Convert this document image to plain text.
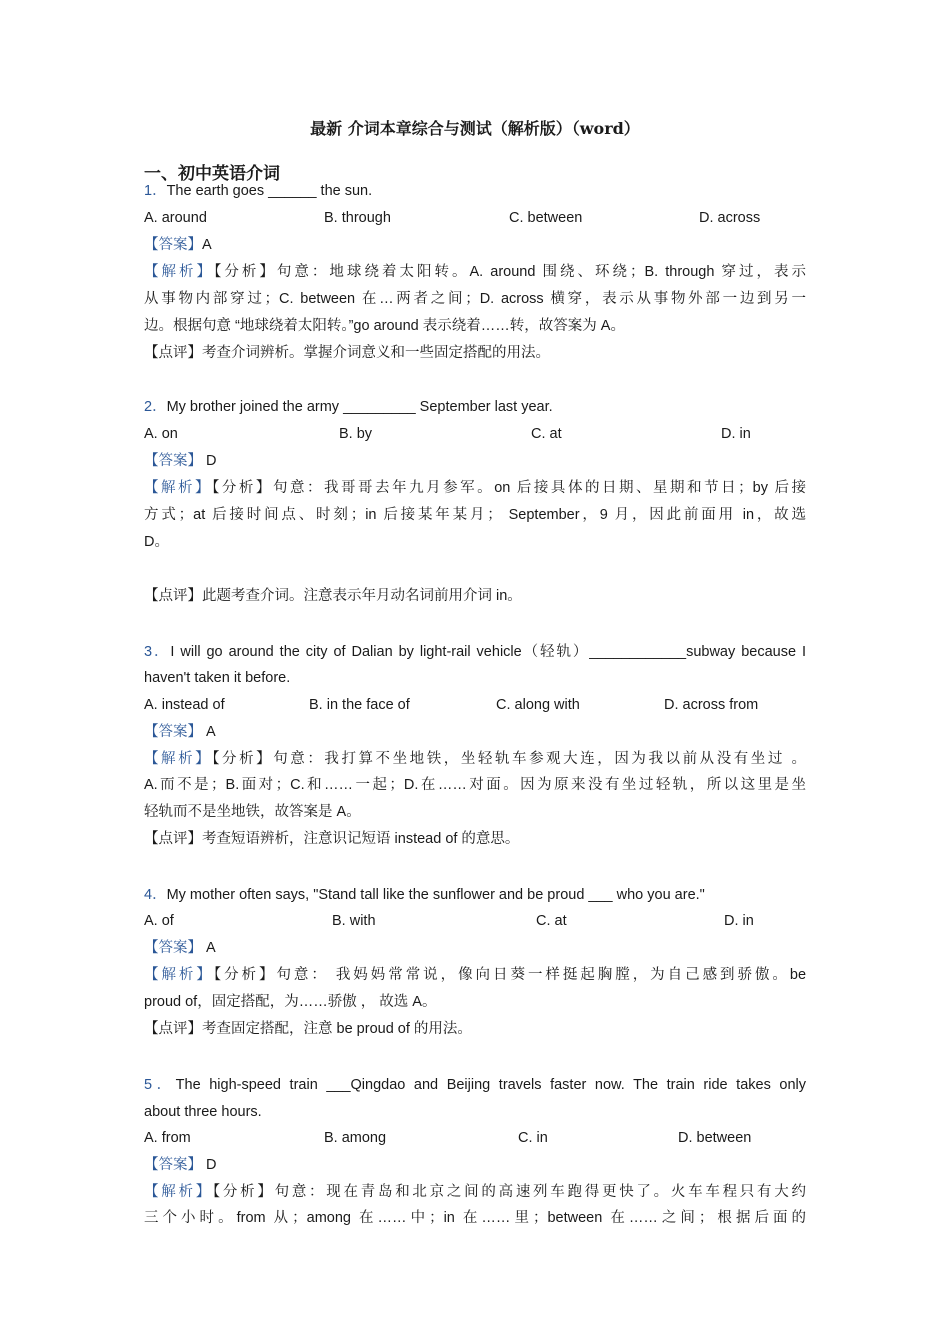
最新 介词本章综合与测试（解析版）（word）
一、初中英语介词
1．The earth goes ______ the sun.
A. around	B. through	C. between	D. across
【答案】A
【解析】【分析】句意：地球绕着太阳转。A. around 围绕、环绕；B. through 穿过，表示
从事物内部穿过；C. between 在…两者之间；D. across 横穿，表示从事物外部一边到另一
边。根据句意 “地球绕着太阳转。”go around 表示绕着……转，故答案为 A。
【点评】考查介词辨析。掌握介词意义和一些固定搭配的用法。
2．My brother joined the army _________ September last year.
A. on	B. by	C. at	D. in
【答案】 D
【解析】【分析】句意：我哥哥去年九月参军。on 后接具体的日期、星期和节日；by 后接
方式；at 后接时间点、时刻；in 后接某年某月； September，9 月，因此前面用 in，故选
D。
【点评】此题考查介词。注意表示年月动名词前用介词 in。
3．I will go around the city of Dalian by light-rail vehicle（轻轨）____________subway because I
haven't taken it before.
A. instead of	B. in the face of	C. along with	D. across from
【答案】 A
【解析】【分析】句意：我打算不坐地铁，坐轻轨车参观大连，因为我以前从没有坐过 。
A.而不是；B.面对；C.和……一起；D.在……对面。因为原来没有坐过轻轨，所以这里是坐
轻轨而不是坐地铁，故答案是 A。
【点评】考查短语辨析，注意识记短语 instead of 的意思。
4．My mother often says, "Stand tall like the sunflower and be proud ___ who you are."
A. of	B. with	C. at	D. in
【答案】 A
【解析】【分析】句意： 我妈妈常常说，像向日葵一样挺起胸膛，为自己感到骄傲。be
proud of，固定搭配，为……骄傲 ， 故选 A。
【点评】考查固定搭配，注意 be proud of 的用法。
5．The high-speed train ___Qingdao and Beijing travels faster now. The train ride takes only
about three hours.
A. from	B. among	C. in	D. between
【答案】 D
【解析】【分析】句意：现在青岛和北京之间的高速列车跑得更快了。火车车程只有大约
三个小时。from 从；among 在……中；in 在……里；between 在……之间；根据后面的
